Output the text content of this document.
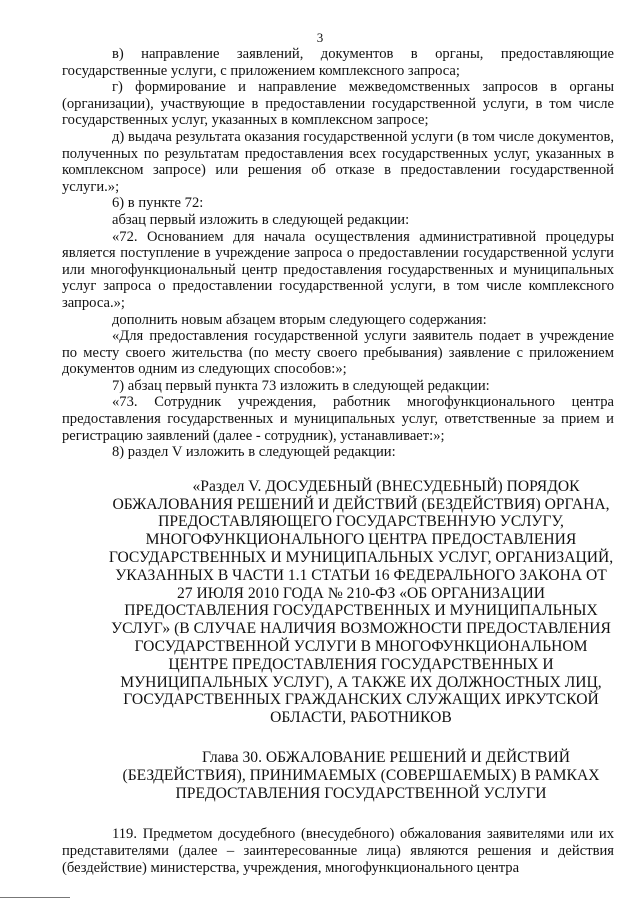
3

в) направление заявлений, документов в органы, предоставляющие государственные услуги, с приложением комплексного запроса;

г) формирование и направление межведомственных запросов в органы (организации), участвующие в предоставлении государственной услуги, в том числе государственных услуг, указанных в комплексном запросе;

д) выдача результата оказания государственной услуги (в том числе документов, полученных по результатам предоставления всех государственных услуг, указанных в комплексном запросе) или решения об отказе в предоставлении государственной услуги.»;

6) в пункте 72:

абзац первый изложить в следующей редакции:

«72. Основанием для начала осуществления административной процедуры является поступление в учреждение запроса о предоставлении государственной услуги или многофункциональный центр предоставления государственных и муниципальных услуг запроса о предоставлении государственной услуги, в том числе комплексного запроса.»;

дополнить новым абзацем вторым следующего содержания:

«Для предоставления государственной услуги заявитель подает в учреждение по месту своего жительства (по месту своего пребывания) заявление с приложением документов одним из следующих способов:»;

7) абзац первый пункта 73 изложить в следующей редакции:

«73. Сотрудник учреждения, работник многофункционального центра предоставления государственных и муниципальных услуг, ответственные за прием и регистрацию заявлений (далее - сотрудник), устанавливает:»;

8) раздел V изложить в следующей редакции:

«Раздел V. ДОСУДЕБНЫЙ (ВНЕСУДЕБНЫЙ) ПОРЯДОК ОБЖАЛОВАНИЯ РЕШЕНИЙ И ДЕЙСТВИЙ (БЕЗДЕЙСТВИЯ) ОРГАНА, ПРЕДОСТАВЛЯЮЩЕГО ГОСУДАРСТВЕННУЮ УСЛУГУ, МНОГОФУНКЦИОНАЛЬНОГО ЦЕНТРА ПРЕДОСТАВЛЕНИЯ ГОСУДАРСТВЕННЫХ И МУНИЦИПАЛЬНЫХ УСЛУГ, ОРГАНИЗАЦИЙ, УКАЗАННЫХ В ЧАСТИ 1.1 СТАТЬИ 16 ФЕДЕРАЛЬНОГО ЗАКОНА ОТ 27 ИЮЛЯ 2010 ГОДА № 210-ФЗ «ОБ ОРГАНИЗАЦИИ ПРЕДОСТАВЛЕНИЯ ГОСУДАРСТВЕННЫХ И МУНИЦИПАЛЬНЫХ УСЛУГ» (В СЛУЧАЕ НАЛИЧИЯ ВОЗМОЖНОСТИ ПРЕДОСТАВЛЕНИЯ ГОСУДАРСТВЕННОЙ УСЛУГИ В МНОГОФУНКЦИОНАЛЬНОМ ЦЕНТРЕ ПРЕДОСТАВЛЕНИЯ ГОСУДАРСТВЕННЫХ И МУНИЦИПАЛЬНЫХ УСЛУГ), А ТАКЖЕ ИХ ДОЛЖНОСТНЫХ ЛИЦ, ГОСУДАРСТВЕННЫХ ГРАЖДАНСКИХ СЛУЖАЩИХ ИРКУТСКОЙ ОБЛАСТИ, РАБОТНИКОВ

Глава 30. ОБЖАЛОВАНИЕ РЕШЕНИЙ И ДЕЙСТВИЙ (БЕЗДЕЙСТВИЯ), ПРИНИМАЕМЫХ (СОВЕРШАЕМЫХ) В РАМКАХ ПРЕДОСТАВЛЕНИЯ ГОСУДАРСТВЕННОЙ УСЛУГИ

119. Предметом досудебного (внесудебного) обжалования заявителями или их представителями (далее – заинтересованные лица) являются решения и действия (бездействие) министерства, учреждения, многофункционального центра
